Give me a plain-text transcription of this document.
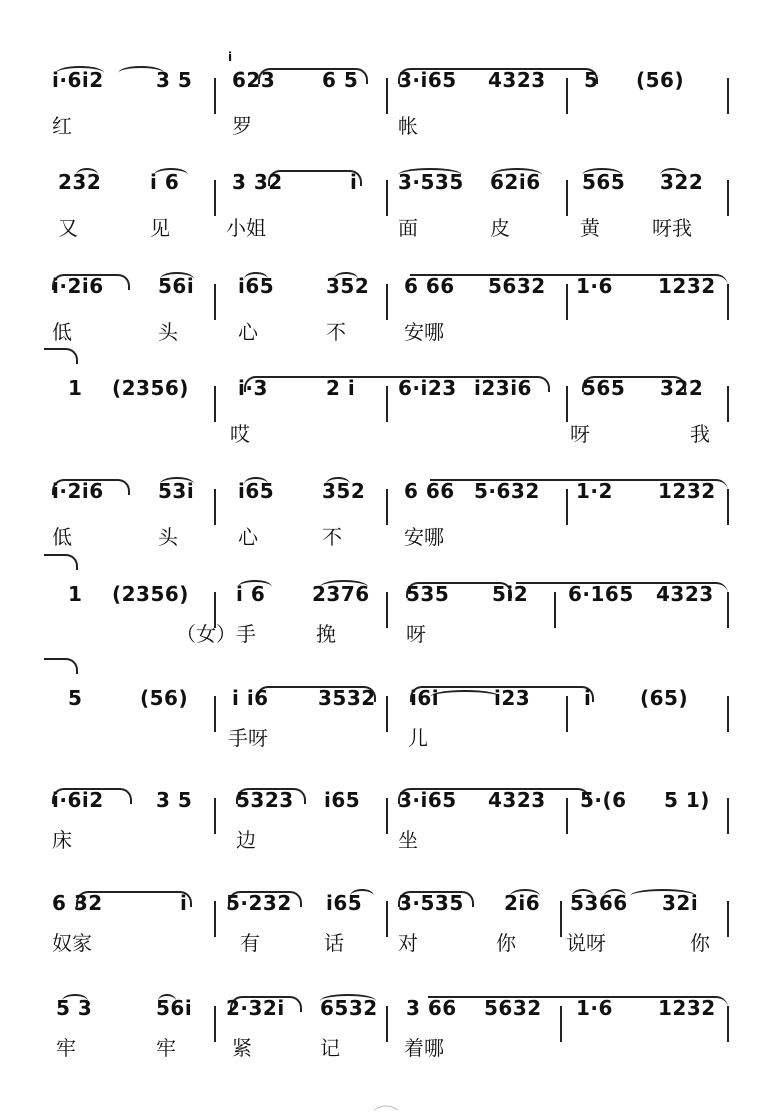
i
i·6i2	3 5 6̇23 6 5 3·i65 4323 5 (56)
红	罗	帐
232 i 6	3 32	i 3·535 62i6 565 322
又	见	小姐	面	皮	黄	呀我
i·2i6	56i i65	352 6 66 5632 1·6 1232
低	头	心	不	安哪
1 (2356) i·3	2 i 6·i23 i23i6	565 322
哎	呀	我
i·2i6	53i i65 352 6 66 5·632 1·2 1232
低	头	心	不	安哪
1 (2356) i 6 2376 535 5i2 6·165 4323
（女）手	挽	呀
5	(56) i i6 3532 i6i	i23	i (65)
手呀	儿
i·6i2	3 5 5323 i65 3·i65 4323 5·(6 5 1)
床	边	坐
6 32	i 5·232 i65 3·535 2i6 5366 32i
奴家	有	话	对	你	说呀	你
5 3	56i 2·32i 6532 3 66 5632 1·6 1232
牢	牢	紧	记	着哪
